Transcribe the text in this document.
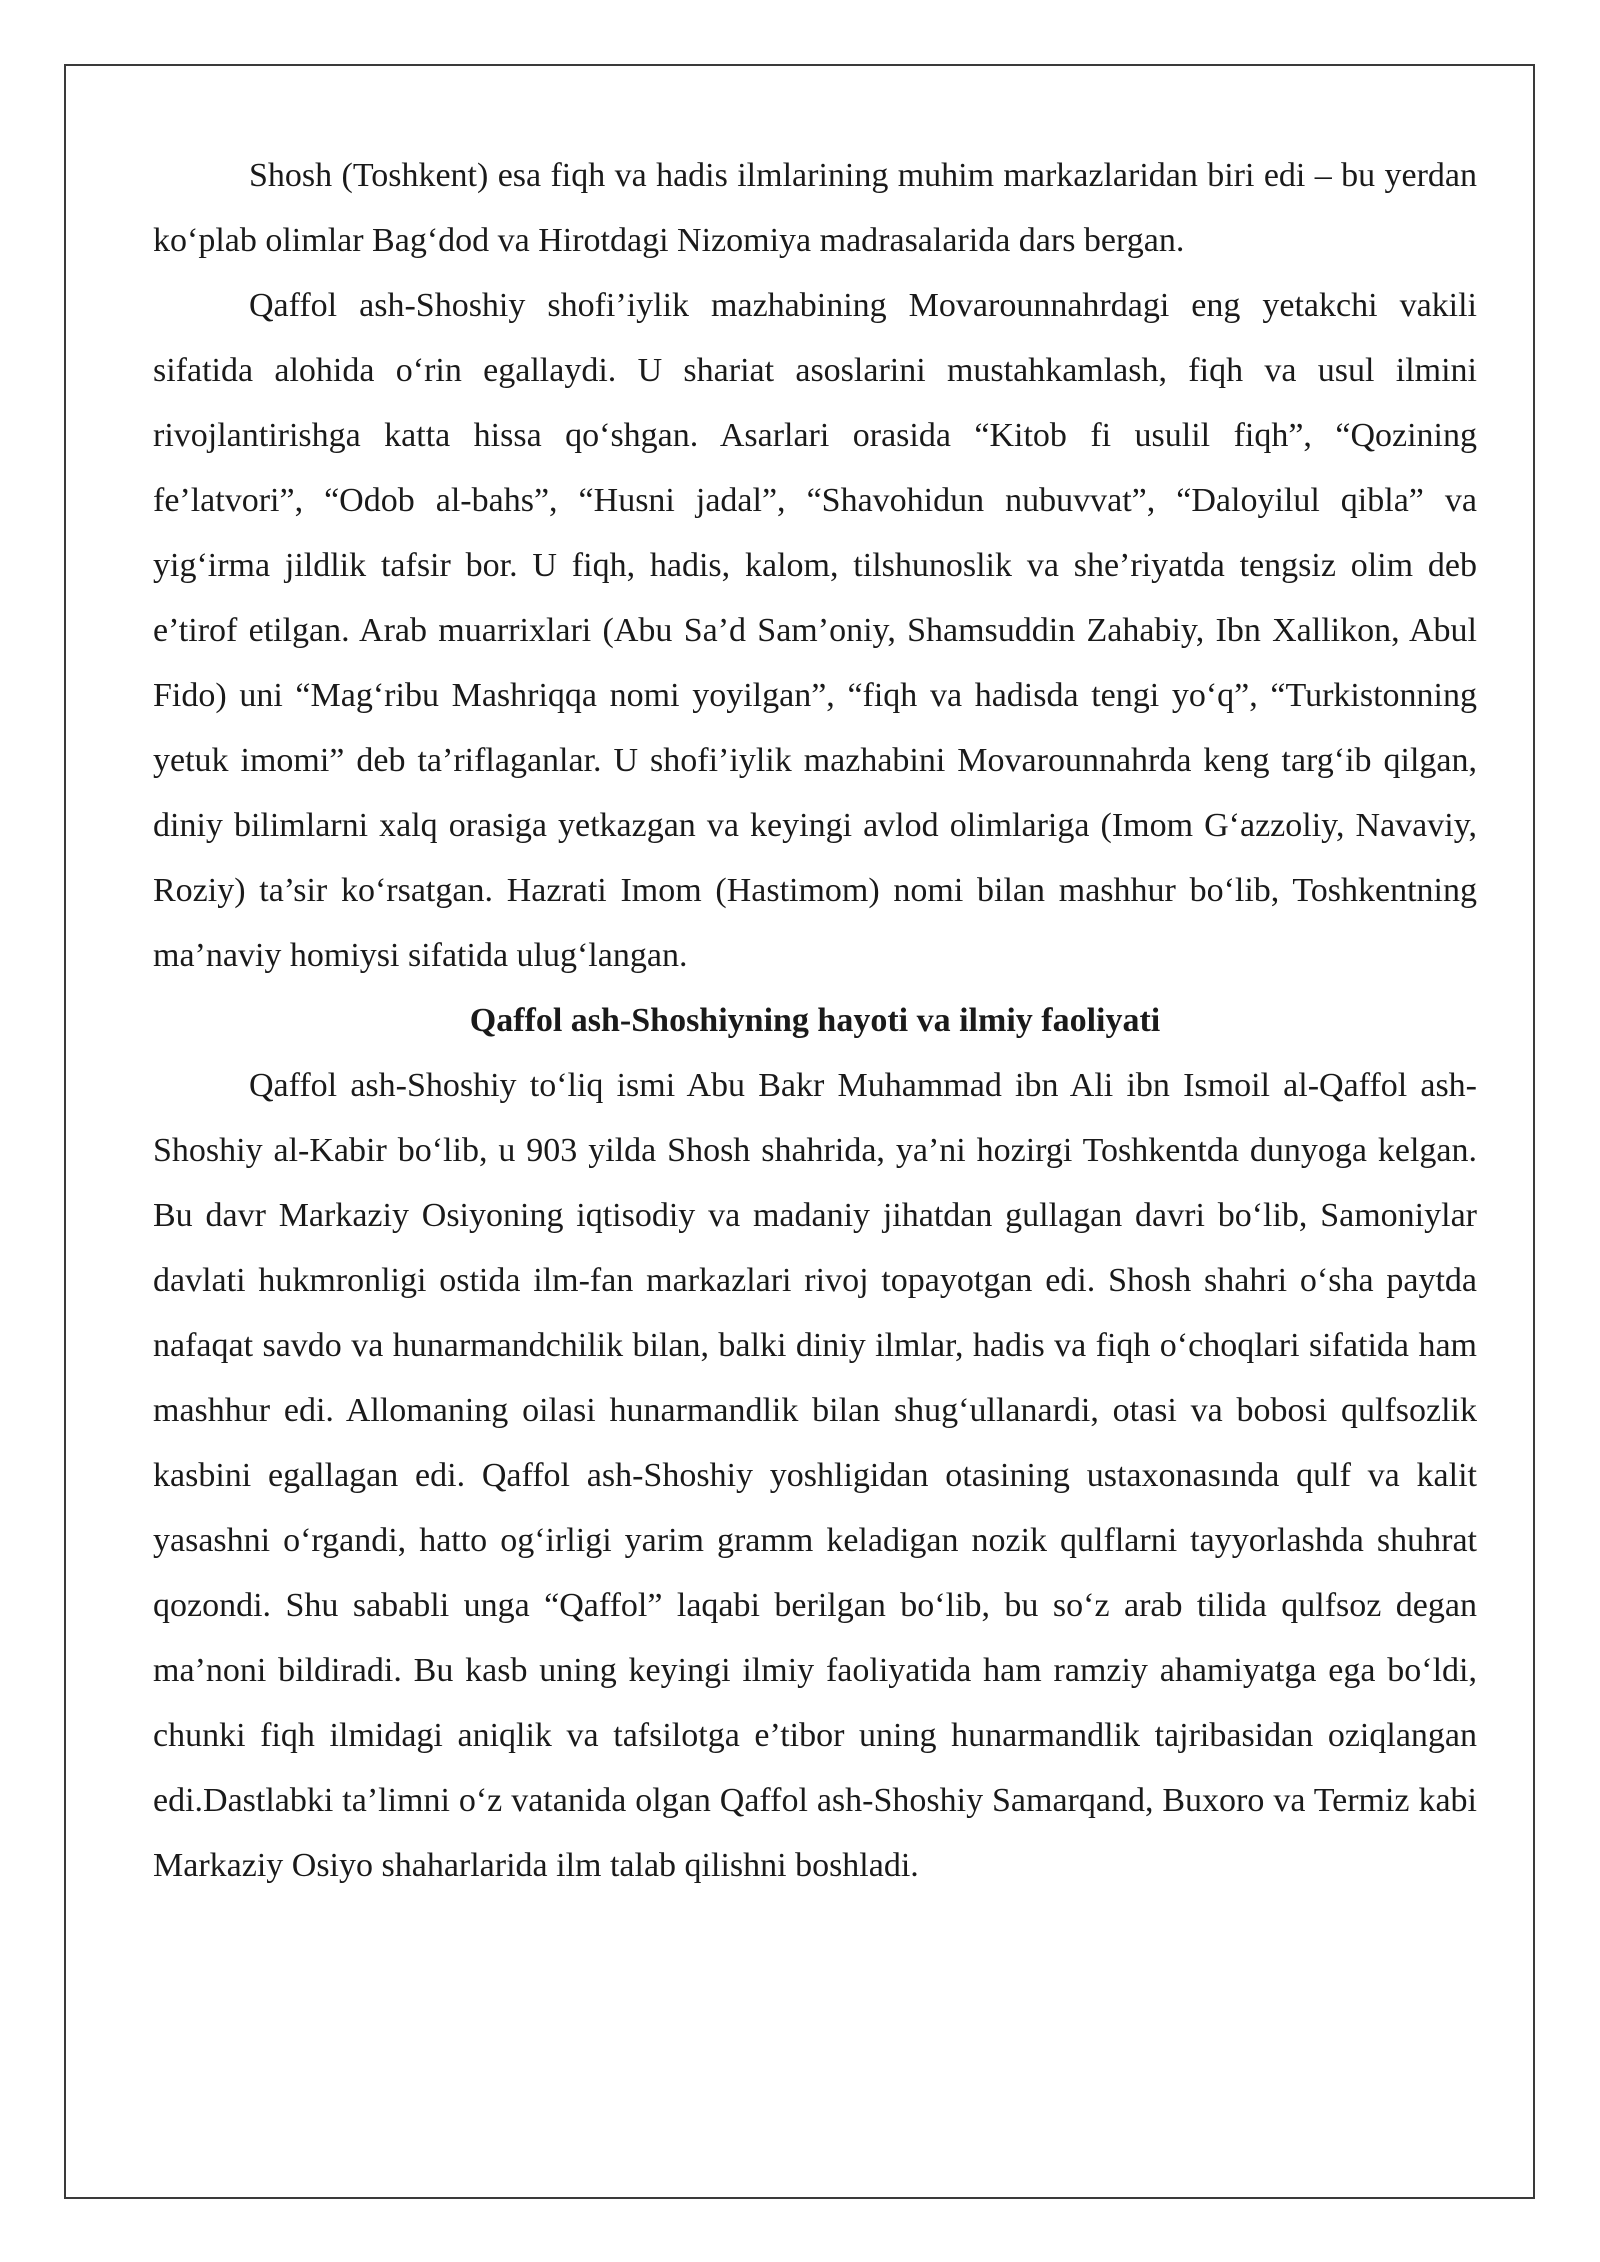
Shosh (Toshkent) esa fiqh va hadis ilmlarining muhim markazlaridan biri edi – bu yerdan ko‘plab olimlar Bag‘dod va Hirotdagi Nizomiya madrasalarida dars bergan.

Qaffol ash-Shoshiy shofi’iylik mazhabining Movarounnahrdagi eng yetakchi vakili sifatida alohida o‘rin egallaydi. U shariat asoslarini mustahkamlash, fiqh va usul ilmini rivojlantirishga katta hissa qo‘shgan. Asarlari orasida “Kitob fi usulil fiqh”, “Qozining fe’latvori”, “Odob al-bahs”, “Husni jadal”, “Shavohidun nubuvvat”, “Daloyilul qibla” va yig‘irma jildlik tafsir bor. U fiqh, hadis, kalom, tilshunoslik va she’riyatda tengsiz olim deb e’tirof etilgan. Arab muarrixlari (Abu Sa’d Sam’oniy, Shamsuddin Zahabiy, Ibn Xallikon, Abul Fido) uni “Mag‘ribu Mashriqqa nomi yoyilgan”, “fiqh va hadisda tengi yo‘q”, “Turkistonning yetuk imomi” deb ta’riflaganlar. U shofi’iylik mazhabini Movarounnahrda keng targ‘ib qilgan, diniy bilimlarni xalq orasiga yetkazgan va keyingi avlod olimlariga (Imom G‘azzoliy, Navaviy, Roziy) ta’sir ko‘rsatgan. Hazrati Imom (Hastimom) nomi bilan mashhur bo‘lib, Toshkentning ma’naviy homiysi sifatida ulug‘langan.

Qaffol ash-Shoshiyning hayoti va ilmiy faoliyati

Qaffol ash-Shoshiy to‘liq ismi Abu Bakr Muhammad ibn Ali ibn Ismoil al-Qaffol ash-Shoshiy al-Kabir bo‘lib, u 903 yilda Shosh shahrida, ya’ni hozirgi Toshkentda dunyoga kelgan. Bu davr Markaziy Osiyoning iqtisodiy va madaniy jihatdan gullagan davri bo‘lib, Samoniylar davlati hukmronligi ostida ilm-fan markazlari rivoj topayotgan edi. Shosh shahri o‘sha paytda nafaqat savdo va hunarmandchilik bilan, balki diniy ilmlar, hadis va fiqh o‘choqlari sifatida ham mashhur edi. Allomaning oilasi hunarmandlik bilan shug‘ullanardi, otasi va bobosi qulfsozlik kasbini egallagan edi. Qaffol ash-Shoshiy yoshligidan otasining ustaxonasında qulf va kalit yasashni o‘rgandi, hatto og‘irligi yarim gramm keladigan nozik qulflarni tayyorlashda shuhrat qozondi. Shu sababli unga “Qaffol” laqabi berilgan bo‘lib, bu so‘z arab tilida qulfsoz degan ma’noni bildiradi. Bu kasb uning keyingi ilmiy faoliyatida ham ramziy ahamiyatga ega bo‘ldi, chunki fiqh ilmidagi aniqlik va tafsilotga e’tibor uning hunarmandlik tajribasidan oziqlangan edi.Dastlabki ta’limni o‘z vatanida olgan Qaffol ash-Shoshiy Samarqand, Buxoro va Termiz kabi Markaziy Osiyo shaharlarida ilm talab qilishni boshladi.
